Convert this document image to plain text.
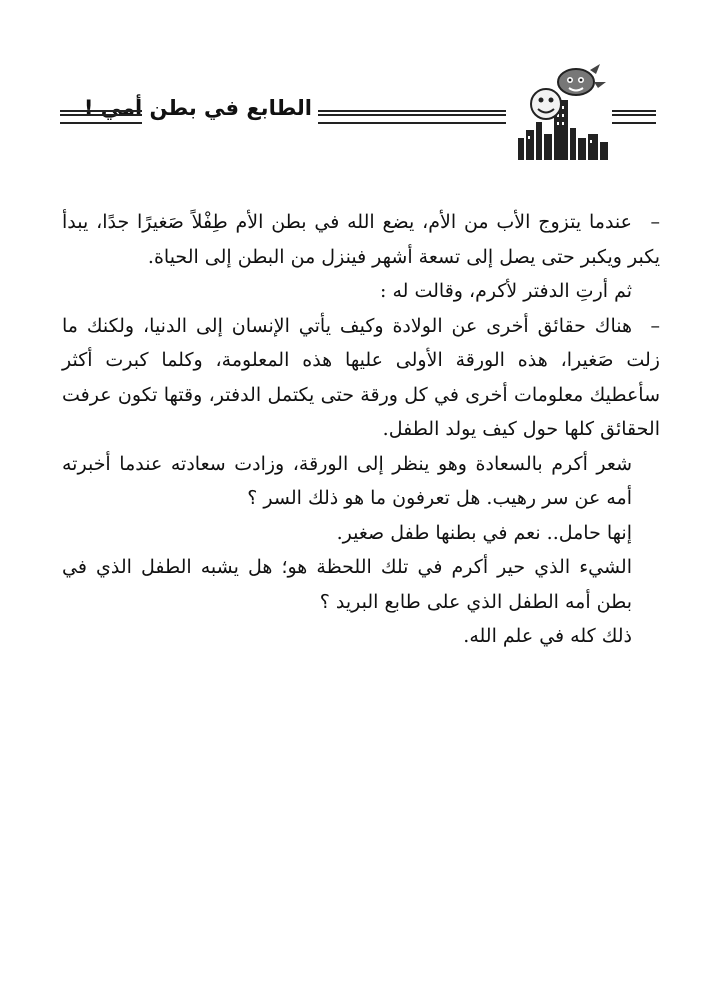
الطابع في بطن أمي !

–عندما يتزوج الأب من الأم، يضع الله في بطن الأم طِفْلاً صَغيرًا جدًا، يبدأ يكبر ويكبر حتى يصل إلى تسعة أشهر فينزل من البطن إلى الحياة.

ثم أرتِ الدفتر لأكرم، وقالت له :

–هناك حقائق أخرى عن الولادة وكيف يأتي الإنسان إلى الدنيا، ولكنك ما زلت صَغيرا، هذه الورقة الأولى عليها هذه المعلومة، وكلما كبرت أكثر سأعطيك معلومات أخرى في كل ورقة حتى يكتمل الدفتر، وقتها تكون عرفت الحقائق كلها حول كيف يولد الطفل.

شعر أكرم بالسعادة وهو ينظر إلى الورقة، وزادت سعادته عندما أخبرته أمه عن سر رهيب. هل تعرفون ما هو ذلك السر ؟

إنها حامل.. نعم في بطنها طفل صغير.

الشيء الذي حير أكرم في تلك اللحظة هو؛ هل يشبه الطفل الذي في بطن أمه الطفل الذي على طابع البريد ؟

ذلك كله في علم الله.
